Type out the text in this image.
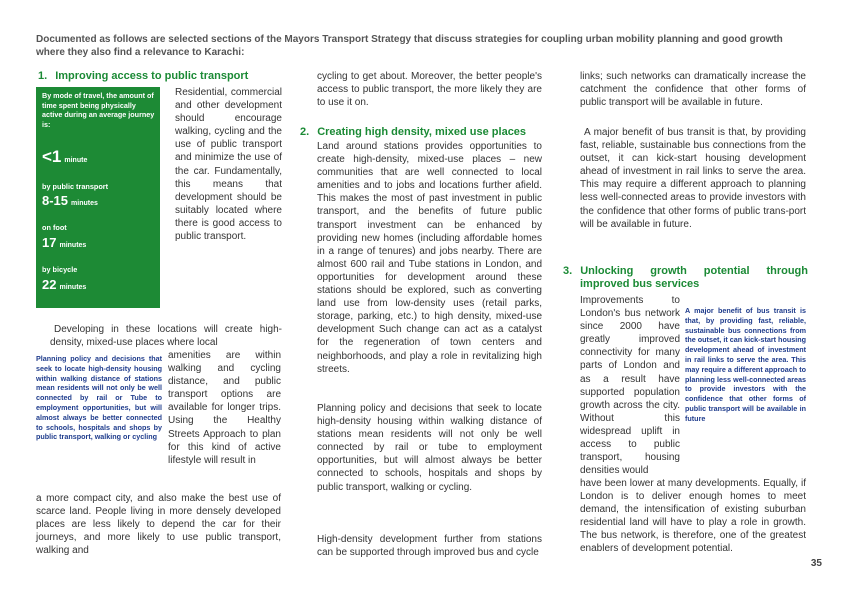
Documented as follows are selected sections of the Mayors Transport Strategy that discuss strategies for coupling urban mobility planning and good growth where they also find a relevance to Karachi:
1. Improving access to public transport
By mode of travel, the amount of time spent being physically active during an average journey is:
<1 minute
by public transport
8-15 minutes
on foot
17 minutes
by bicycle
22 minutes
Residential, commercial and other development should encourage walking, cycling and the use of public transport and minimize the use of the car. Fundamentally, this means that development should be suitably located where there is good access to public transport.
Developing in these locations will create high-density, mixed-use places where local
Planning policy and decisions that seek to locate high-density housing within walking distance of stations mean residents will not only be well connected by rail or Tube to employment opportunities, but will almost always be better connected to schools, hospitals and shops by public transport, walking or cycling
amenities are within walking and cycling distance, and public transport options are available for longer trips. Using the Healthy Streets Approach to plan for this kind of active lifestyle will result in
a more compact city, and also make the best use of scarce land. People living in more densely developed places are less likely to depend the car for their journeys, and more likely to use public transport, walking and
cycling to get about. Moreover, the better people's access to public transport, the more likely they are to use it on.
2. Creating high density, mixed use places
Land around stations provides opportunities to create high-density, mixed-use places – new communities that are well connected to local amenities and to jobs and locations further afield. This makes the most of past investment in public transport, and the benefits of future public transport investment can be enhanced by providing new homes (including affordable homes in a range of tenures) and jobs nearby. There are almost 600 rail and Tube stations in London, and opportunities for development around these stations should be explored, such as converting land use from low-density uses (retail parks, storage, parking, etc.) to high density, mixed-use development Such change can act as a catalyst for the regeneration of town centers and neighborhoods, and play a role in revitalizing high streets.
Planning policy and decisions that seek to locate high-density housing within walking distance of stations mean residents will not only be well connected by rail or tube to employment opportunities, but will almost always be better connected to schools, hospitals and shops by public transport, walking or cycling.
High-density development further from stations can be supported through improved bus and cycle
links; such networks can dramatically increase the catchment the confidence that other forms of public transport will be available in future.
A major benefit of bus transit is that, by providing fast, reliable, sustainable bus connections from the outset, it can kick-start housing development ahead of investment in rail links to serve the area. This may require a different approach to planning less well-connected areas to provide investors with the confidence that other forms of public trans-port will be available in future.
3. Unlocking growth potential through improved bus services
Improvements to London's bus network since 2000 have greatly improved connectivity for many parts of London and as a result have supported population growth across the city. Without this widespread uplift in access to public transport, housing densities would
A major benefit of bus transit is that, by providing fast, reliable, sustainable bus connections from the outset, it can kick-start housing development ahead of investment in rail links to serve the area. This may require a different approach to planning less well-connected areas to provide investors with the confidence that other forms of public transport will be available in future
have been lower at many developments. Equally, if London is to deliver enough homes to meet demand, the intensification of existing suburban residential land will have to play a role in growth. The bus network, is therefore, one of the greatest enablers of development potential.
35
